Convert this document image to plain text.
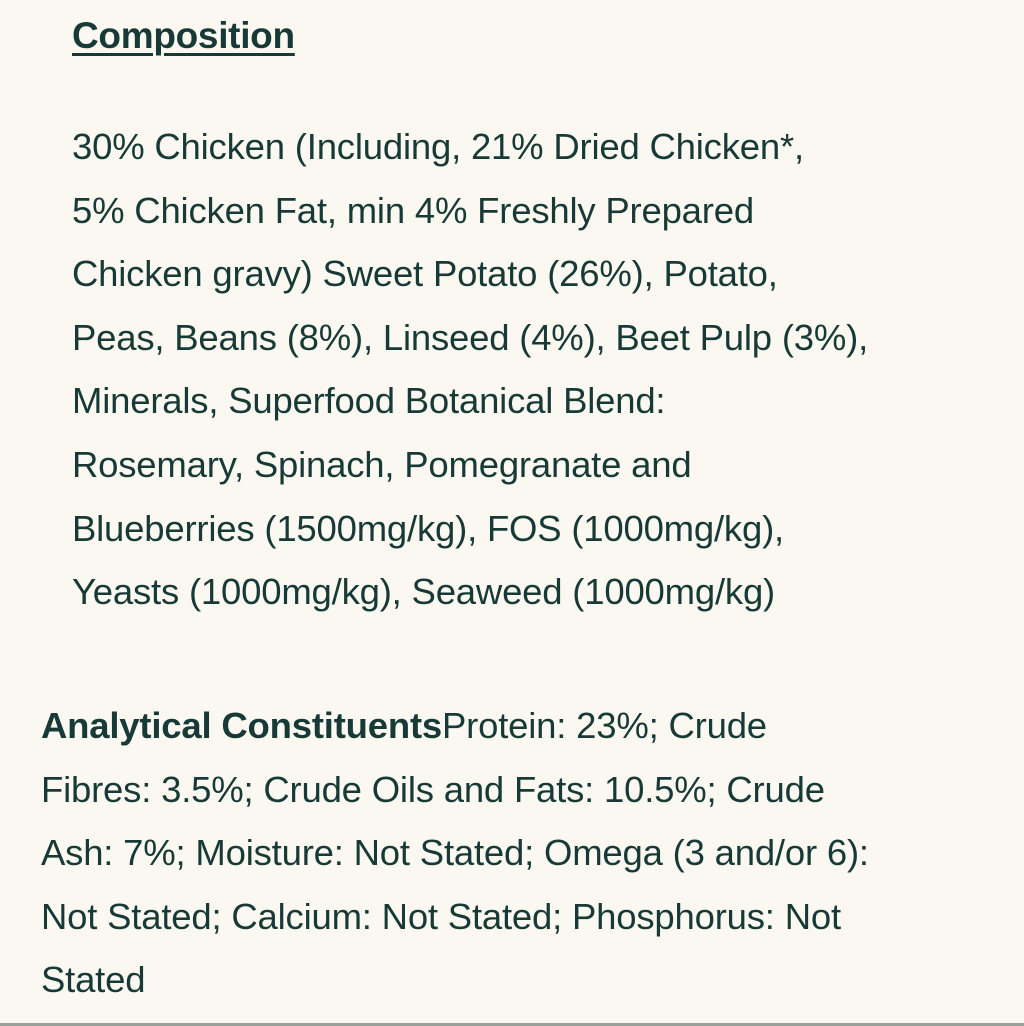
Composition

30% Chicken (Including, 21% Dried Chicken*,
5% Chicken Fat, min 4% Freshly Prepared
Chicken gravy) Sweet Potato (26%), Potato,
Peas, Beans (8%), Linseed (4%), Beet Pulp (3%),
Minerals, Superfood Botanical Blend:
Rosemary, Spinach, Pomegranate and
Blueberries (1500mg/kg), FOS (1000mg/kg),
Yeasts (1000mg/kg), Seaweed (1000mg/kg)

Analytical ConstituentsProtein: 23%; Crude
Fibres: 3.5%; Crude Oils and Fats: 10.5%; Crude
Ash: 7%; Moisture: Not Stated; Omega (3 and/or 6):
Not Stated; Calcium: Not Stated; Phosphorus: Not
Stated
